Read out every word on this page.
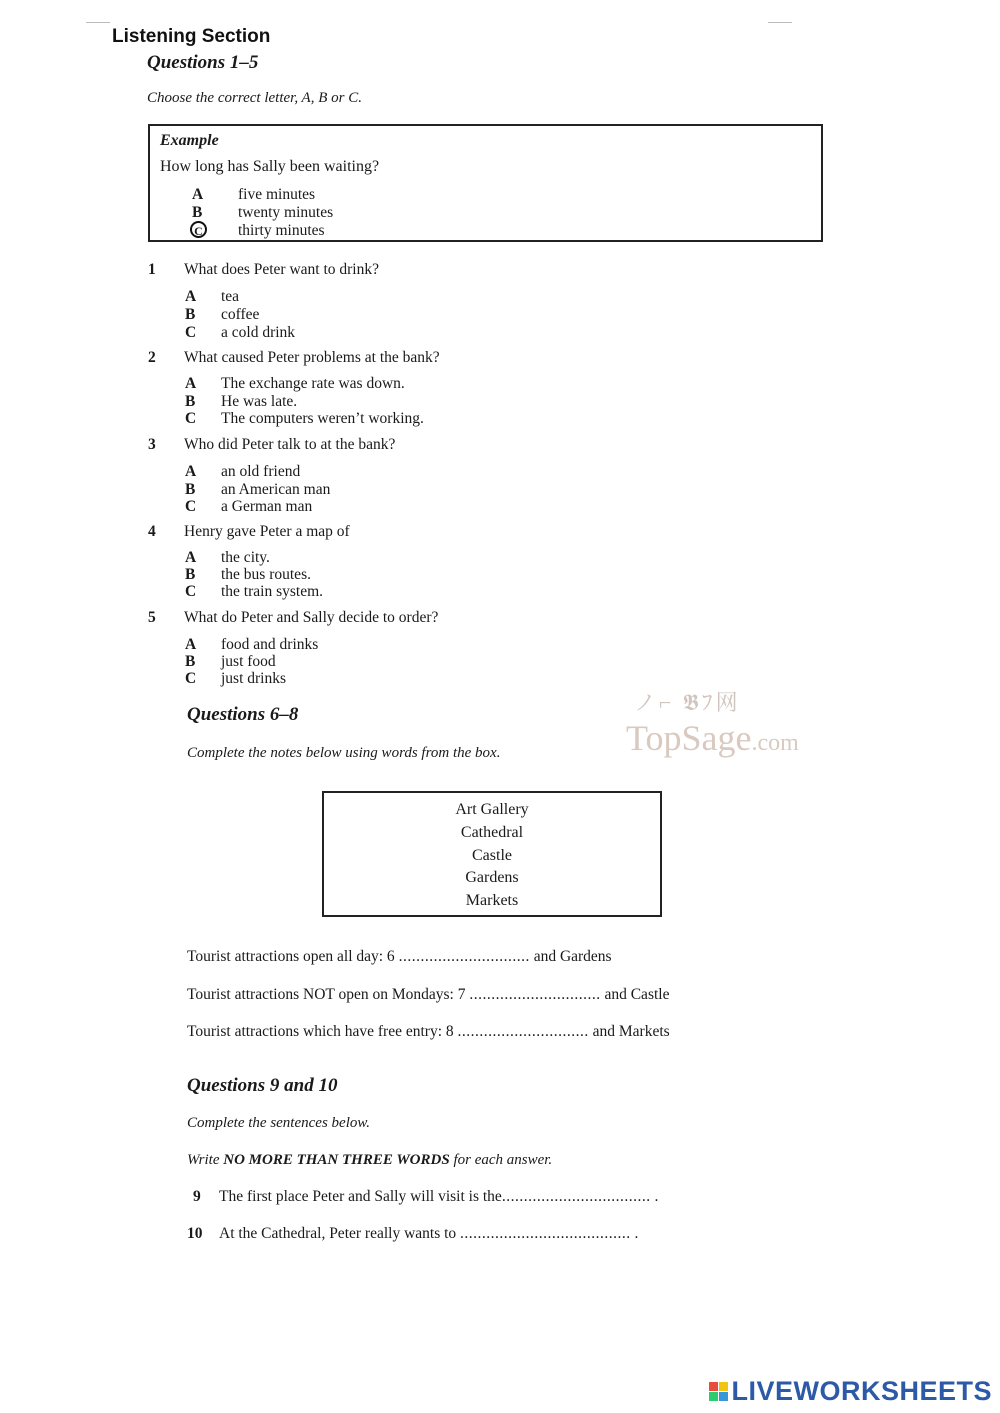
Listening Section
Questions 1–5
Choose the correct letter, A, B or C.
Example
How long has Sally been waiting?
A five minutes
B twenty minutes
C thirty minutes
1 What does Peter want to drink?
A tea
B coffee
C a cold drink
2 What caused Peter problems at the bank?
A The exchange rate was down.
B He was late.
C The computers weren’t working.
3 Who did Peter talk to at the bank?
A an old friend
B an American man
C a German man
4 Henry gave Peter a map of
A the city.
B the bus routes.
C the train system.
5 What do Peter and Sally decide to order?
A food and drinks
B just food
C just drinks
ノ⌐ 𝕭ﾌ网
TopSage.com
Questions 6–8
Complete the notes below using words from the box.
Art Gallery
Cathedral
Castle
Gardens
Markets
Tourist attractions open all day: 6 .............................. and Gardens
Tourist attractions NOT open on Mondays: 7 .............................. and Castle
Tourist attractions which have free entry: 8 .............................. and Markets
Questions 9 and 10
Complete the sentences below.
Write NO MORE THAN THREE WORDS for each answer.
9 The first place Peter and Sally will visit is the.................................. .
10 At the Cathedral, Peter really wants to ....................................... .
LIVEWORKSHEETS
